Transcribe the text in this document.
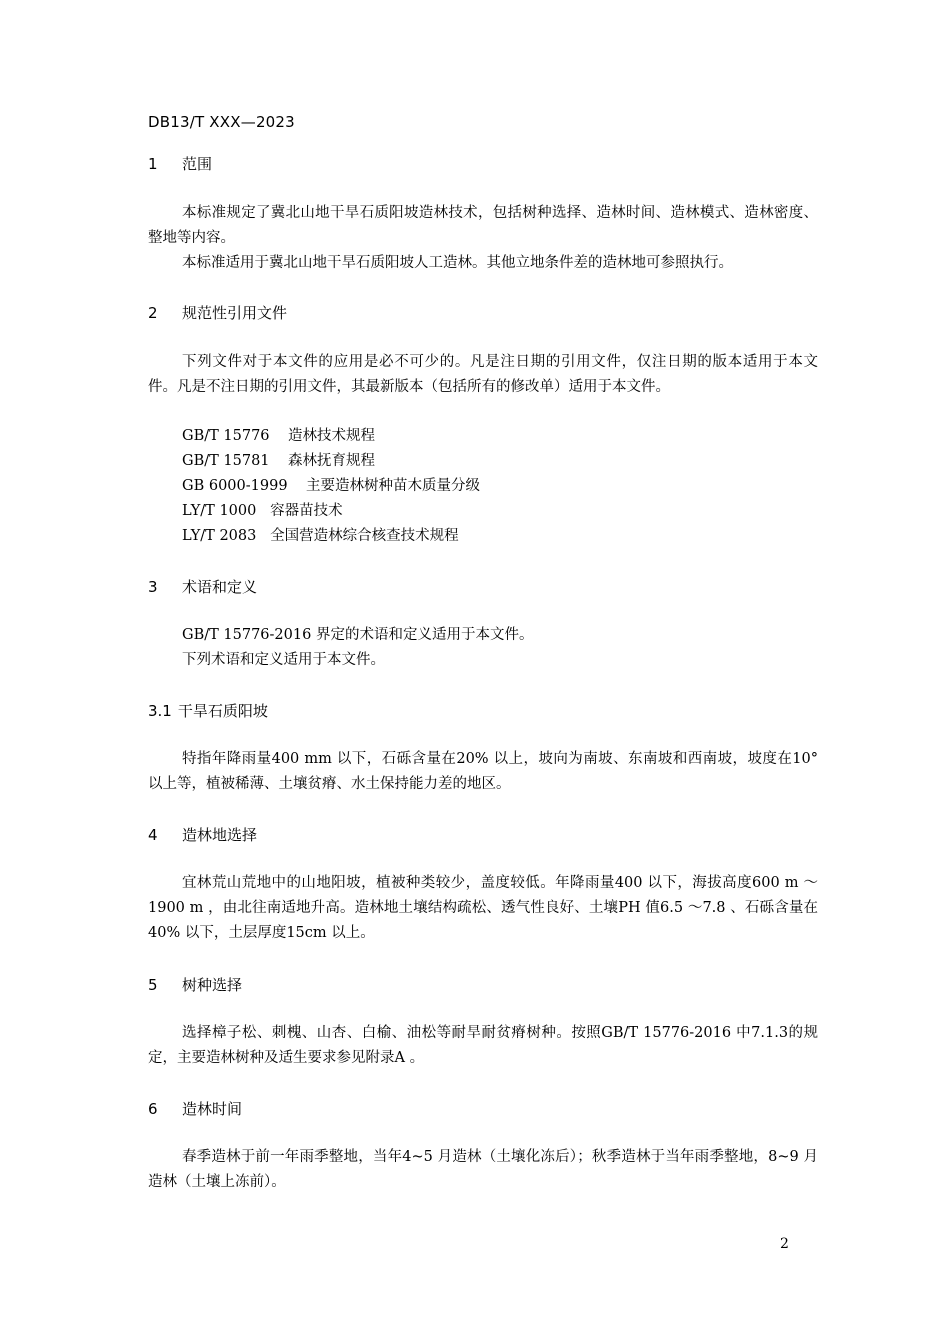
DB13/T XXX—2023
1 范围

本标准规定了冀北山地干旱石质阳坡造林技术，包括树种选择、造林时间、造林模式、造林密度、整地等内容。

本标准适用于冀北山地干旱石质阳坡人工造林。其他立地条件差的造林地可参照执行。

2 规范性引用文件

下列文件对于本文件的应用是必不可少的。凡是注日期的引用文件，仅注日期的版本适用于本文件。凡是不注日期的引用文件，其最新版本（包括所有的修改单）适用于本文件。

GB/T 15776    造林技术规程

GB/T 15781    森林抚育规程

GB 6000-1999    主要造林树种苗木质量分级

LY/T 1000   容器苗技术

LY/T 2083   全国营造林综合核查技术规程

3 术语和定义

GB/T 15776-2016 界定的术语和定义适用于本文件。

下列术语和定义适用于本文件。

3.1 干旱石质阳坡

特指年降雨量400 mm 以下，石砾含量在20% 以上，坡向为南坡、东南坡和西南坡，坡度在10° 以上等，植被稀薄、土壤贫瘠、水土保持能力差的地区。

4 造林地选择

宜林荒山荒地中的山地阳坡，植被种类较少，盖度较低。年降雨量400 以下，海拔高度600 m ～1900 m ，由北往南适地升高。造林地土壤结构疏松、透气性良好、土壤PH 值6.5 ～7.8 、石砾含量在40% 以下，土层厚度15cm 以上。

5 树种选择

选择樟子松、刺槐、山杏、白榆、油松等耐旱耐贫瘠树种。按照GB/T 15776-2016 中7.1.3的规定，主要造林树种及适生要求参见附录A 。

6 造林时间

春季造林于前一年雨季整地，当年4~5 月造林（土壤化冻后）；秋季造林于当年雨季整地，8~9 月造林（土壤上冻前）。

2
